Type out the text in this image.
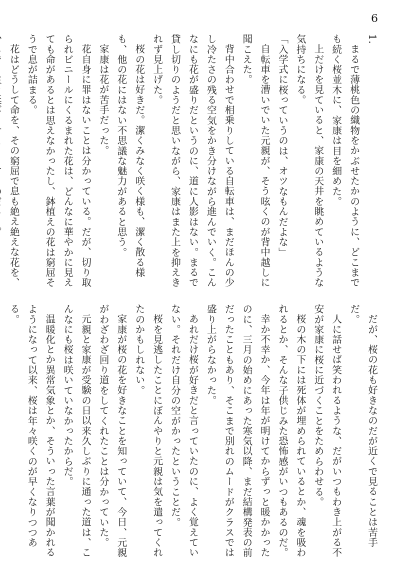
6

1.

まるで薄桃色の織物をかぶせたかのように、どこまでも続く桜並木に、家康は目を細めた。

上だけを見ていると、家康の天井を眺めているような気持ちになる。

「入学式に桜っていうのは、オツなもんだよな」

自転車を漕いでいた元親が、そう呟くのが背中越しに聞こえた。

背中合わせで相乗りしている自転車は、まだほんの少し冷たさの残る空気をかき分けながら進んでいく。こんなにも花が盛りだというのに、道に人影はない。まるで貸し切りのようだと思いながら、家康はまた上を抑えきれず見上げた。

桜の花は好きだ。潔くみなく咲く様も、潔く散る様も、他の花にはない不思議な魅力があると思う。

家康は花が苦手だった。

花自身に罪はないことは分かっている。だが、切り取られビニールにくるまれた花は、どんなに華やかに見えても命があるとは思えなかったし、鉢植えの花は窮屈そうで息が詰まる。

花はどうして命を、その窮屈で息も絶え絶えな花を、

だが、桜の花も好きなのだが近くで見ることは苦手だ。

人に話せば笑われるような、だがいつもわき上がる不安が家康に桜に近づくことをためらわせる。

桜の木の下には死体が埋められているとか、魂を吸われるとか、そんな子供じみた恐怖感がいつもあるのだ。

幸か不幸か、今年は年が明けてからずっと暖かかったのに、三月の始めにあった寒気以降、まだ結構発表の前だったこともあり、そこまで別れのムードがクラスでは盛り上がらなかった。

あれだけ桜が好きだと言っていたのに、よく覚えていない。それだけ自分の空がかったということだ。

桜を見逃したことにぼんやりと元親は気を遣ってくれたのかもしれない。

家康が桜の花を好きなことを知っていて、今日、元親がわざわざ回り道をしてくれたことは分かっていた。

元親と家康が受験の日以来久しぶりに通った道は、こんなにも桜は咲いていなかったからだ。

温暖化とか異常気象とか、そういった言葉が聞かれるようになって以来、桜は年々咲くのが早くなりつつある。
